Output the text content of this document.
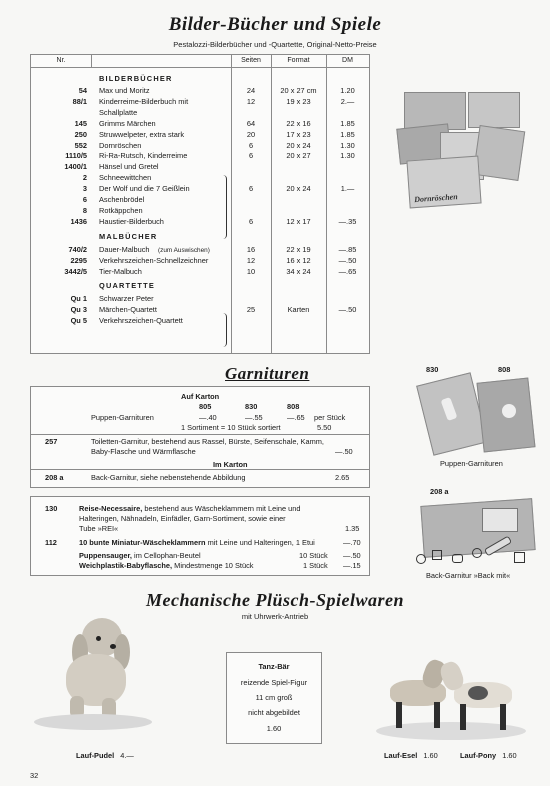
Bilder-Bücher und Spiele
Pestalozzi-Bilderbücher und -Quartette, Original-Netto-Preise
Nr.	Seiten	Format	DM
BILDERBÜCHER
54 Max und Moritz	24	20 x 27 cm	1.20
88/1 Kinderreime-Bilderbuch mit	12	19 x 23	2.—
Schallplatte
145 Grimms Märchen	64	22 x 16	1.85
250 Struwwelpeter, extra stark	20	17 x 23	1.85
552 Dornröschen	6	20 x 24	1.30
1110/5 Ri-Ra-Rutsch, Kinderreime	6	20 x 27	1.30
1400/1 Hänsel und Gretel
2 Schneewittchen
3 Der Wolf und die 7 Geißlein	6	20 x 24	1.—
6 Aschenbrödel
8 Rotkäppchen
1436 Haustier-Bilderbuch	6	12 x 17	—.35
MALBÜCHER
740/2 Dauer-Malbuch	(zum Auswischen)	16	22 x 19	—.85
2295 Verkehrszeichen-Schnellzeichner	12	16 x 12	—.50
3442/5 Tier-Malbuch	10	34 x 24	—.65
QUARTETTE
Qu 1 Schwarzer Peter
Qu 3 Märchen-Quartett	25	Karten	—.50
Qu 5 Verkehrszeichen-Quartett
Dornröschen
Garnituren
Auf Karton
805	830	808
Puppen-Garnituren	—.40	—.55	—.65 per Stück
1 Sortiment = 10 Stück sortiert	5.50
257	Toiletten-Garnitur, bestehend aus Rassel, Bürste, Seifenschale, Kamm,
Baby-Flasche und Wärmflasche	—.50
Im Karton
208 a	Back-Garnitur, siehe nebenstehende Abbildung	2.65
130	Reise-Necessaire, bestehend aus Wäscheklammern mit Leine und
Halteringen, Nähnadeln, Einfädler, Garn-Sortiment, sowie einer
Tube »REI«	1.35
112	10 bunte Miniatur-Wäscheklammern mit Leine und Halteringen, 1 Etui	—.70
Puppensauger, im Cellophan-Beutel	10 Stück —.50
Weichplastik-Babyflasche, Mindestmenge 10 Stück	1 Stück —.15
830	808
Puppen-Garnituren
208 a
Back-Garnitur »Back mit«
Mechanische Plüsch-Spielwaren
mit Uhrwerk-Antrieb
Lauf-Pudel 4.—
Tanz-Bär
reizende Spiel-Figur
11 cm groß
nicht abgebildet
1.60
Lauf-Esel 1.60	Lauf-Pony 1.60
32
